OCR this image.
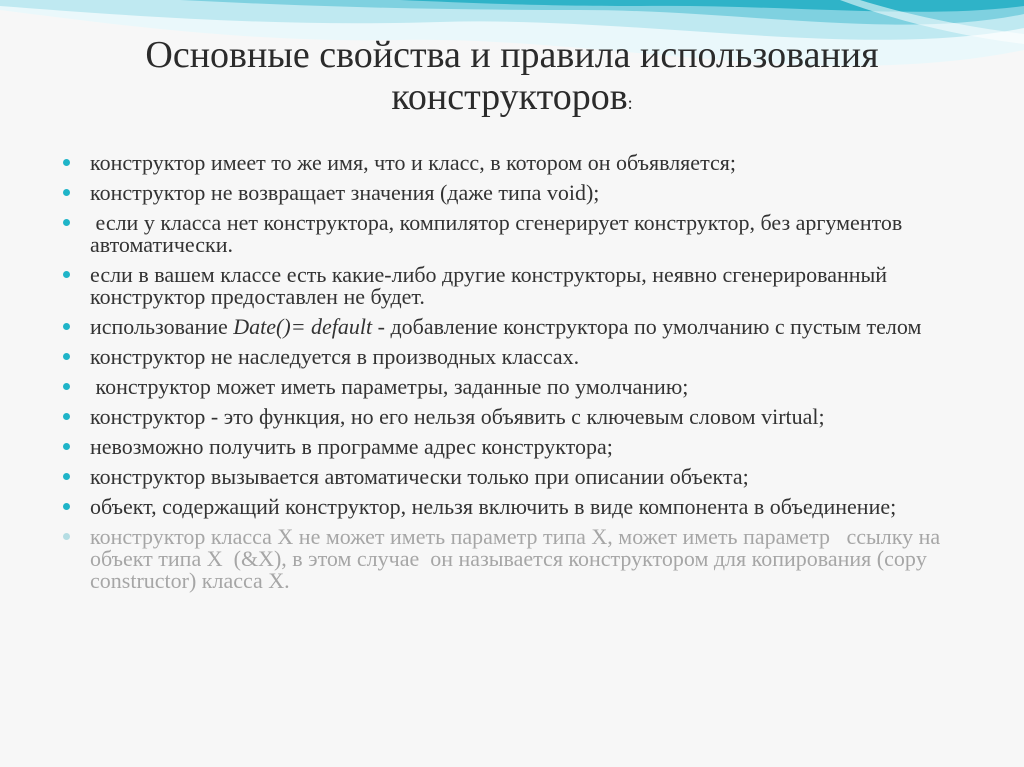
Основные свойства и правила использования конструкторов:
конструктор имеет то же имя, что и класс, в котором он объявляется;
конструктор не возвращает значения (даже типа void);
если у класса нет конструктора, компилятор сгенерирует конструктор, без аргументов автоматически.
если в вашем классе есть какие-либо другие конструкторы, неявно сгенерированный конструктор предоставлен не будет.
использование Date()= default - добавление конструктора по умолчанию с пустым телом
конструктор не наследуется в производных классах.
конструктор может иметь параметры, заданные по умолчанию;
конструктор - это функция, но его нельзя объявить с ключевым словом virtual;
невозможно получить в программе адрес конструктора;
конструктор вызывается автоматически только при описании объекта;
объект, содержащий конструктор, нельзя включить в виде компонента в объединение;
конструктор класса X не может иметь параметр типа X, может иметь параметр   ссылку на объект типа X  (&X), в этом случае  он называется конструктором для копирования (copy constructor) класса X.
